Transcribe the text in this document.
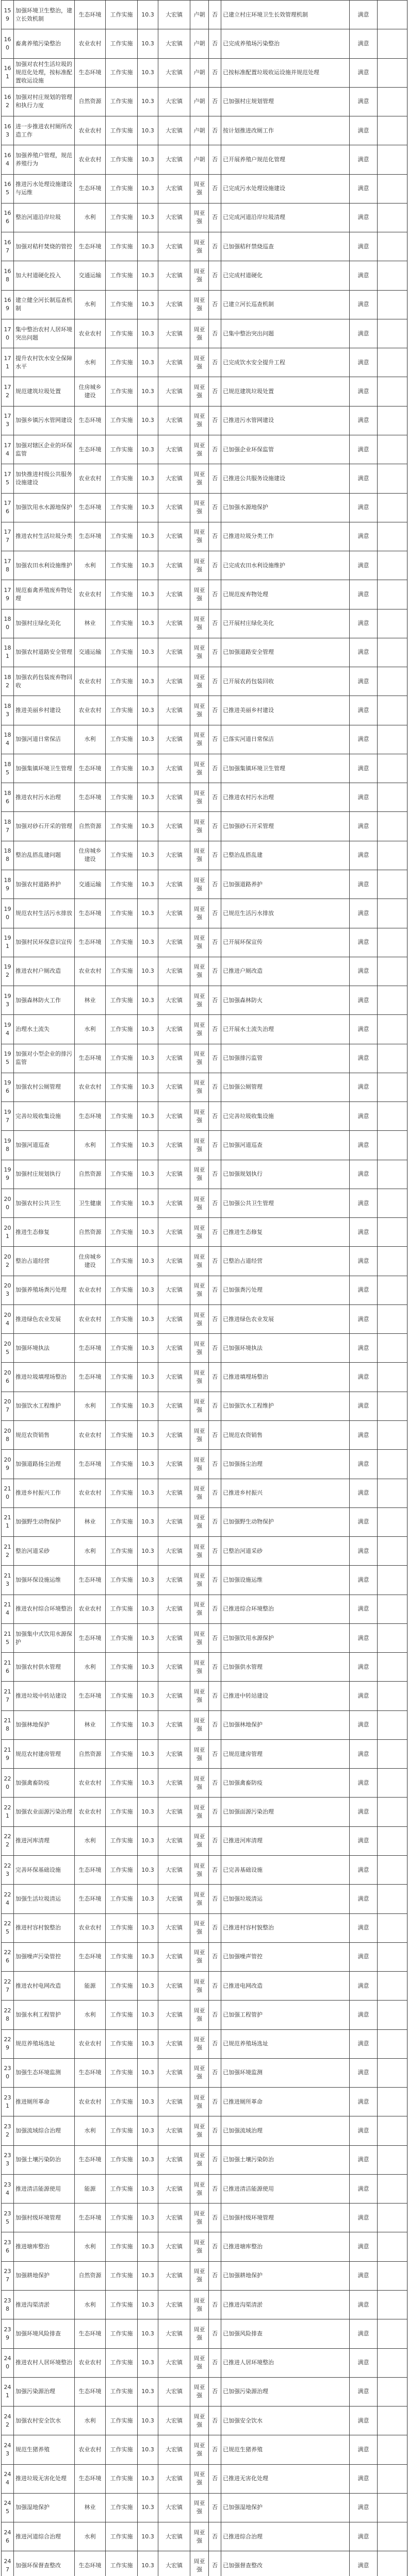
159	加强环境卫生整治，建立长效机制	生态环境	工作实施	10.3	大宏镇	卢朝	否	已建立村庄环境卫生长效管理机制	满意	
160	畜禽养殖污染整治	农业农村	工作实施	10.3	大宏镇	卢朝	否	已完成养殖场污染整治	满意	
161	加强对农村生活垃圾的规范化处理，按标准配置收运设施	生态环境	工作实施	10.3	大宏镇	卢朝	否	已按标准配置垃圾收运设施并规范处理	满意	
162	加强对村庄规划的管理和执行力度	自然资源	工作实施	10.3	大宏镇	卢朝	否	已加强村庄规划管理	满意	
163	进一步推进农村厕所改造工作	农业农村	工作实施	10.3	大宏镇	卢朝	否	按计划推进改厕工作	满意	
164	加强养殖户管理，规范养殖行为	农业农村	工作实施	10.3	大宏镇	卢朝	否	已开展养殖户规范化管理	满意	
165	推进污水处理设施建设与运维	生态环境	工作实施	10.3	大宏镇	周亚强	否	已完成污水处理设施建设	满意	
166	整治河道沿岸垃圾	水利	工作实施	10.3	大宏镇	周亚强	否	已完成河道沿岸垃圾清理	满意	
167	加强对秸秆焚烧的管控	生态环境	工作实施	10.3	大宏镇	周亚强	否	已加强秸秆禁烧巡查	满意	
168	加大村道硬化投入	交通运输	工作实施	10.3	大宏镇	周亚强	否	已完成村道硬化	满意	
169	建立健全河长制巡查机制	水利	工作实施	10.3	大宏镇	周亚强	否	已建立河长巡查机制	满意	
170	集中整治农村人居环境突出问题	农业农村	工作实施	10.3	大宏镇	周亚强	否	已集中整治突出问题	满意	
171	提升农村饮水安全保障水平	水利	工作实施	10.3	大宏镇	周亚强	否	已完成饮水安全提升工程	满意	
172	规范建筑垃圾处置	住房城乡建设	工作实施	10.3	大宏镇	周亚强	否	已规范建筑垃圾处置	满意	
173	加强乡镇污水管网建设	生态环境	工作实施	10.3	大宏镇	周亚强	否	已推进污水管网建设	满意	
174	加强对辖区企业的环保监管	生态环境	工作实施	10.3	大宏镇	周亚强	否	已加强企业环保监管	满意	
175	加快推进村级公共服务设施建设	农业农村	工作实施	10.3	大宏镇	周亚强	否	已推进公共服务设施建设	满意	
176	加强饮用水水源地保护	生态环境	工作实施	10.3	大宏镇	周亚强	否	已加强水源地保护	满意	
177	推进农村生活垃圾分类	生态环境	工作实施	10.3	大宏镇	周亚强	否	已推进垃圾分类工作	满意	
178	加强农田水利设施维护	水利	工作实施	10.3	大宏镇	周亚强	否	已完成农田水利设施维护	满意	
179	规范畜禽养殖废弃物处理	农业农村	工作实施	10.3	大宏镇	周亚强	否	已规范废弃物处理	满意	
180	加强村庄绿化美化	林业	工作实施	10.3	大宏镇	周亚强	否	已开展村庄绿化美化	满意	
181	加强农村道路安全管理	交通运输	工作实施	10.3	大宏镇	周亚强	否	已加强道路安全管理	满意	
182	加强农药包装废弃物回收	农业农村	工作实施	10.3	大宏镇	周亚强	否	已开展农药包装回收	满意	
183	推进美丽乡村建设	农业农村	工作实施	10.3	大宏镇	周亚强	否	已推进美丽乡村建设	满意	
184	加强河道日常保洁	水利	工作实施	10.3	大宏镇	周亚强	否	已落实河道日常保洁	满意	
185	加强集镇环境卫生管理	生态环境	工作实施	10.3	大宏镇	周亚强	否	已加强集镇环境卫生管理	满意	
186	推进农村污水治理	生态环境	工作实施	10.3	大宏镇	周亚强	否	已推进农村污水治理	满意	
187	加强对砂石开采的管理	自然资源	工作实施	10.3	大宏镇	周亚强	否	已加强砂石开采管理	满意	
188	整治乱搭乱建问题	住房城乡建设	工作实施	10.3	大宏镇	周亚强	否	已整治乱搭乱建	满意	
189	加强农村道路养护	交通运输	工作实施	10.3	大宏镇	周亚强	否	已加强道路养护	满意	
190	规范农村生活污水排放	生态环境	工作实施	10.3	大宏镇	周亚强	否	已规范生活污水排放	满意	
191	加强村民环保意识宣传	生态环境	工作实施	10.3	大宏镇	周亚强	否	已开展环保宣传	满意	
192	推进农村户厕改造	农业农村	工作实施	10.3	大宏镇	周亚强	否	已推进户厕改造	满意	
193	加强森林防火工作	林业	工作实施	10.3	大宏镇	周亚强	否	已加强森林防火	满意	
194	治理水土流失	水利	工作实施	10.3	大宏镇	周亚强	否	已开展水土流失治理	满意	
195	加强对小型企业的排污监管	生态环境	工作实施	10.3	大宏镇	周亚强	否	已加强排污监管	满意	
196	加强农村公厕管理	农业农村	工作实施	10.3	大宏镇	周亚强	否	已加强公厕管理	满意	
197	完善垃圾收集设施	生态环境	工作实施	10.3	大宏镇	周亚强	否	已完善垃圾收集设施	满意	
198	加强河道巡查	水利	工作实施	10.3	大宏镇	周亚强	否	已加强河道巡查	满意	
199	加强村庄规划执行	自然资源	工作实施	10.3	大宏镇	周亚强	否	已加强规划执行	满意	
200	加强农村公共卫生	卫生健康	工作实施	10.3	大宏镇	周亚强	否	已加强公共卫生管理	满意	
201	推进生态修复	自然资源	工作实施	10.3	大宏镇	周亚强	否	已推进生态修复	满意	
202	整治占道经营	住房城乡建设	工作实施	10.3	大宏镇	周亚强	否	已整治占道经营	满意	
203	加强养殖场粪污处理	农业农村	工作实施	10.3	大宏镇	周亚强	否	已加强粪污处理	满意	
204	推进绿色农业发展	农业农村	工作实施	10.3	大宏镇	周亚强	否	已推进绿色农业发展	满意	
205	加强环境执法	生态环境	工作实施	10.3	大宏镇	周亚强	否	已加强环境执法	满意	
206	推进垃圾填埋场整治	生态环境	工作实施	10.3	大宏镇	周亚强	否	已推进填埋场整治	满意	
207	加强饮水工程维护	水利	工作实施	10.3	大宏镇	周亚强	否	已加强饮水工程维护	满意	
208	规范农资销售	农业农村	工作实施	10.3	大宏镇	周亚强	否	已规范农资销售	满意	
209	加强道路扬尘治理	生态环境	工作实施	10.3	大宏镇	周亚强	否	已加强扬尘治理	满意	
210	推进乡村振兴工作	农业农村	工作实施	10.3	大宏镇	周亚强	否	已推进乡村振兴	满意	
211	加强野生动物保护	林业	工作实施	10.3	大宏镇	周亚强	否	已加强野生动物保护	满意	
212	整治河道采砂	水利	工作实施	10.3	大宏镇	周亚强	否	已整治河道采砂	满意	
213	加强环保设施运维	生态环境	工作实施	10.3	大宏镇	周亚强	否	已加强设施运维	满意	
214	推进农村综合环境整治	农业农村	工作实施	10.3	大宏镇	周亚强	否	已推进综合环境整治	满意	
215	加强集中式饮用水源保护	生态环境	工作实施	10.3	大宏镇	周亚强	否	已加强饮用水源保护	满意	
216	加强农村供水管理	水利	工作实施	10.3	大宏镇	周亚强	否	已加强供水管理	满意	
217	推进垃圾中转站建设	生态环境	工作实施	10.3	大宏镇	周亚强	否	已推进中转站建设	满意	
218	加强林地保护	林业	工作实施	10.3	大宏镇	周亚强	否	已加强林地保护	满意	
219	规范农村建房管理	自然资源	工作实施	10.3	大宏镇	周亚强	否	已规范建房管理	满意	
220	加强禽畜防疫	农业农村	工作实施	10.3	大宏镇	周亚强	否	已加强禽畜防疫	满意	
221	加强农业面源污染治理	农业农村	工作实施	10.3	大宏镇	周亚强	否	已加强面源污染治理	满意	
222	推进河库清理	水利	工作实施	10.3	大宏镇	周亚强	否	已推进河库清理	满意	
223	完善环保基础设施	生态环境	工作实施	10.3	大宏镇	周亚强	否	已完善基础设施	满意	
224	加强生活垃圾清运	生态环境	工作实施	10.3	大宏镇	周亚强	否	已加强垃圾清运	满意	
225	推进村容村貌整治	农业农村	工作实施	10.3	大宏镇	周亚强	否	已推进村容村貌整治	满意	
226	加强噪声污染管控	生态环境	工作实施	10.3	大宏镇	周亚强	否	已加强噪声管控	满意	
227	推进农村电网改造	能源	工作实施	10.3	大宏镇	周亚强	否	已推进电网改造	满意	
228	加强水利工程管护	水利	工作实施	10.3	大宏镇	周亚强	否	已加强工程管护	满意	
229	规范养殖场选址	农业农村	工作实施	10.3	大宏镇	周亚强	否	已规范养殖场选址	满意	
230	加强生态环境监测	生态环境	工作实施	10.3	大宏镇	周亚强	否	已加强环境监测	满意	
231	推进厕所革命	农业农村	工作实施	10.3	大宏镇	周亚强	否	已推进厕所革命	满意	
232	加强流域综合治理	水利	工作实施	10.3	大宏镇	周亚强	否	已加强流域治理	满意	
233	加强土壤污染防治	生态环境	工作实施	10.3	大宏镇	周亚强	否	已加强土壤污染防治	满意	
234	推进清洁能源使用	能源	工作实施	10.3	大宏镇	周亚强	否	已推进清洁能源使用	满意	
235	加强村级环境管理	生态环境	工作实施	10.3	大宏镇	周亚强	否	已加强村级环境管理	满意	
236	推进塘库整治	水利	工作实施	10.3	大宏镇	周亚强	否	已推进塘库整治	满意	
237	加强耕地保护	自然资源	工作实施	10.3	大宏镇	周亚强	否	已加强耕地保护	满意	
238	推进沟渠清淤	水利	工作实施	10.3	大宏镇	周亚强	否	已推进沟渠清淤	满意	
239	加强环境风险排查	生态环境	工作实施	10.3	大宏镇	周亚强	否	已加强风险排查	满意	
240	推进农村人居环境整治	农业农村	工作实施	10.3	大宏镇	周亚强	否	已推进人居环境整治	满意	
241	加强污染源治理	生态环境	工作实施	10.3	大宏镇	周亚强	否	已加强污染源治理	满意	
242	加强农村安全饮水	水利	工作实施	10.3	大宏镇	周亚强	否	已加强安全饮水	满意	
243	规范生猪养殖	农业农村	工作实施	10.3	大宏镇	周亚强	否	已规范生猪养殖	满意	
244	推进垃圾无害化处理	生态环境	工作实施	10.3	大宏镇	周亚强	否	已推进无害化处理	满意	
245	加强湿地保护	林业	工作实施	10.3	大宏镇	周亚强	否	已加强湿地保护	满意	
246	推进河道综合治理	水利	工作实施	10.3	大宏镇	周亚强	否	已推进综合治理	满意	
247	加强环保督查整改	生态环境	工作实施	10.3	大宏镇	周亚强	否	已加强督查整改	满意	
